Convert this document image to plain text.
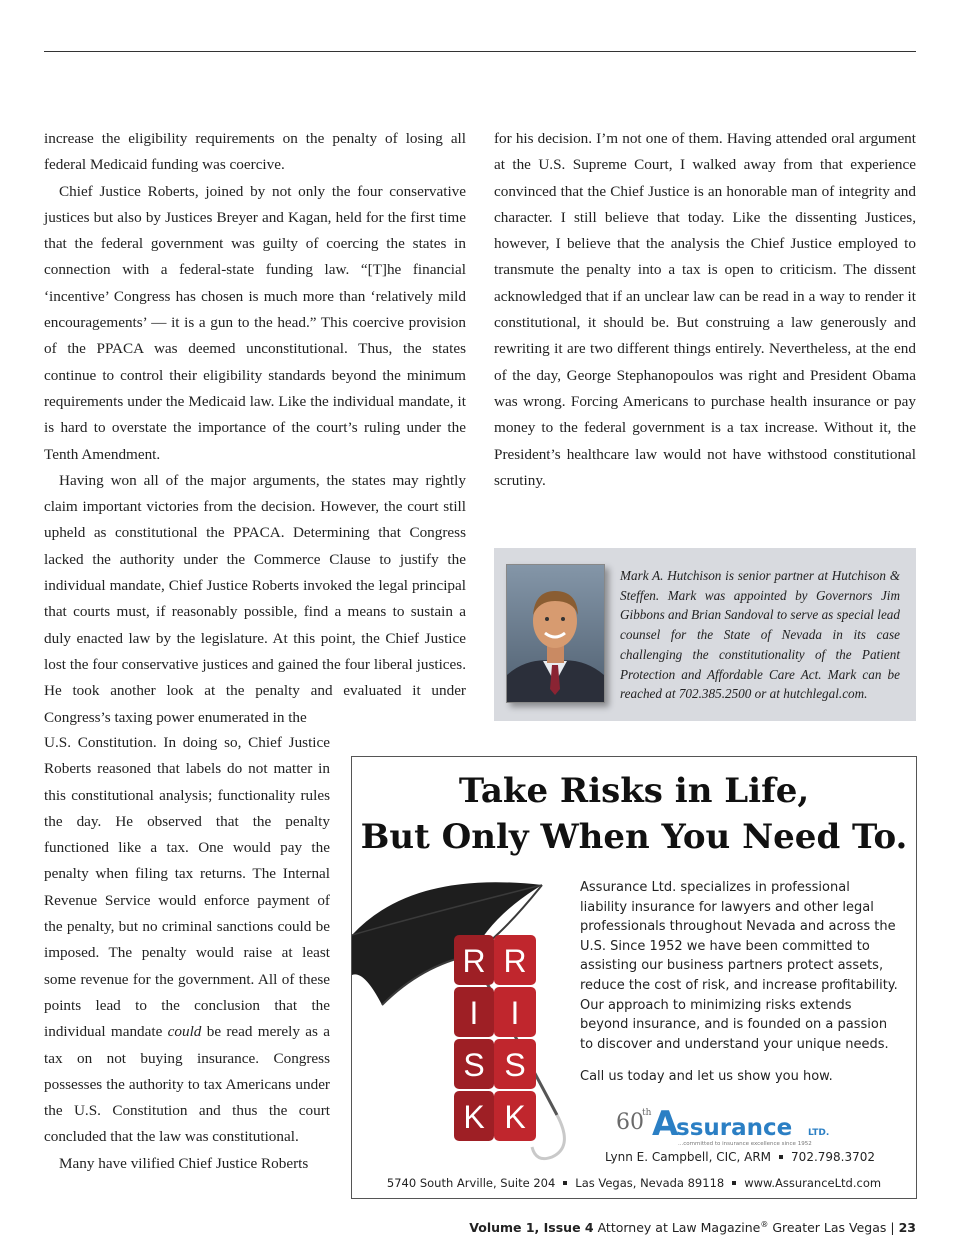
increase the eligibility requirements on the penalty of losing all federal Medicaid funding was coercive.

Chief Justice Roberts, joined by not only the four conservative justices but also by Justices Breyer and Kagan, held for the first time that the federal government was guilty of coercing the states in connection with a federal-state funding law. “[T]he financial ‘incentive’ Congress has chosen is much more than ‘relatively mild encouragements’ — it is a gun to the head.” This coercive provision of the PPACA was deemed unconstitutional. Thus, the states continue to control their eligibility standards beyond the minimum requirements under the Medicaid law. Like the individual mandate, it is hard to overstate the importance of the court’s ruling under the Tenth Amendment.

Having won all of the major arguments, the states may rightly claim important victories from the decision. However, the court still upheld as constitutional the PPACA. Determining that Congress lacked the authority under the Commerce Clause to justify the individual mandate, Chief Justice Roberts invoked the legal principal that courts must, if reasonably possible, find a means to sustain a duly enacted law by the legislature. At this point, the Chief Justice lost the four conservative justices and gained the four liberal justices. He took another look at the penalty and evaluated it under Congress’s taxing power enumerated in the

U.S. Constitution. In doing so, Chief Justice Roberts reasoned that labels do not matter in this constitutional analysis; functionality rules the day. He observed that the penalty functioned like a tax. One would pay the penalty when filing tax returns. The Internal Revenue Service would enforce payment of the penalty, but no criminal sanctions could be imposed. The penalty would raise at least some revenue for the government. All of these points lead to the conclusion that the individual mandate could be read merely as a tax on not buying insurance. Congress possesses the authority to tax Americans under the U.S. Constitution and thus the court concluded that the law was constitutional.

Many have vilified Chief Justice Roberts

for his decision. I’m not one of them. Having attended oral argument at the U.S. Supreme Court, I walked away from that experience convinced that the Chief Justice is an honorable man of integrity and character. I still believe that today. Like the dissenting Justices, however, I believe that the analysis the Chief Justice employed to transmute the penalty into a tax is open to criticism. The dissent acknowledged that if an unclear law can be read in a way to render it constitutional, it should be. But construing a law generously and rewriting it are two different things entirely. Nevertheless, at the end of the day, George Stephanopoulos was right and President Obama was wrong. Forcing Americans to purchase health insurance or pay money to the federal government is a tax increase. Without it, the President’s healthcare law would not have withstood constitutional scrutiny.

Mark A. Hutchison is senior partner at Hutchison & Steffen. Mark was appointed by Governors Jim Gibbons and Brian Sandoval to serve as special lead counsel for the State of Nevada in its case challenging the constitutionality of the Patient Protection and Affordable Care Act. Mark can be reached at 702.385.2500 or at hutchlegal.com.
Take Risks in Life,
But Only When You Need To.
R
I
S
K
R
I
S
K
Assurance Ltd. specializes in professional liability insurance for lawyers and other legal professionals throughout Nevada and across the U.S. Since 1952 we have been committed to assisting our business partners protect assets, reduce the cost of risk, and increase profitability. Our approach to minimizing risks extends beyond insurance, and is founded on a passion to discover and understand your unique needs.
Call us today and let us show you how.
60
th A
ssurance LTD.
...committed to insurance excellence since 1952
Lynn E. Campbell, CIC, ARM 702.798.3702
5740 South Arville, Suite 204 Las Vegas, Nevada 89118 www.AssuranceLtd.com
Volume 1, Issue 4 Attorney at Law Magazine® Greater Las Vegas | 23
